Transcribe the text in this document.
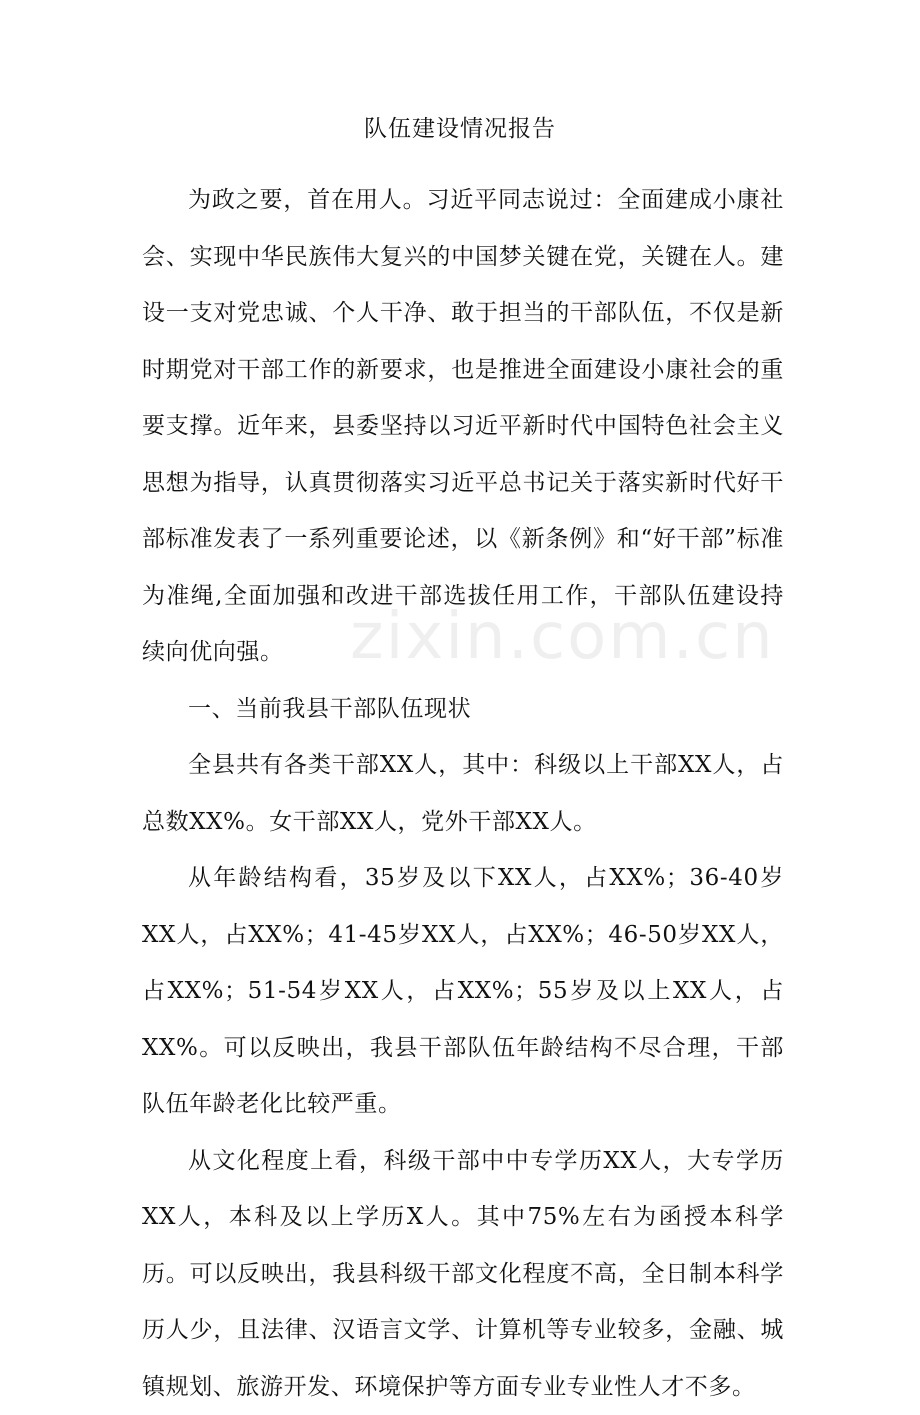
队伍建设情况报告

为政之要，首在用人。习近平同志说过：全面建成小康社会、实现中华民族伟大复兴的中国梦关键在党，关键在人。建设一支对党忠诚、个人干净、敢于担当的干部队伍，不仅是新时期党对干部工作的新要求，也是推进全面建设小康社会的重要支撑。近年来，县委坚持以习近平新时代中国特色社会主义思想为指导，认真贯彻落实习近平总书记关于落实新时代好干部标准发表了一系列重要论述，以《新条例》和“好干部”标准为准绳,全面加强和改进干部选拔任用工作，干部队伍建设持续向优向强。

一、当前我县干部队伍现状

全县共有各类干部XX人，其中：科级以上干部XX人，占总数XX%。女干部XX人，党外干部XX人。

从年龄结构看，35岁及以下XX人，占XX%；36-40岁XX人，占XX%；41-45岁XX人，占XX%；46-50岁XX人，占XX%；51-54岁XX人，占XX%；55岁及以上XX人，占XX%。可以反映出，我县干部队伍年龄结构不尽合理，干部队伍年龄老化比较严重。

从文化程度上看，科级干部中中专学历XX人，大专学历XX人，本科及以上学历X人。其中75%左右为函授本科学历。可以反映出，我县科级干部文化程度不高，全日制本科学历人少，且法律、汉语言文学、计算机等专业较多，金融、城镇规划、旅游开发、环境保护等方面专业专业性人才不多。

zixin.com.cn
